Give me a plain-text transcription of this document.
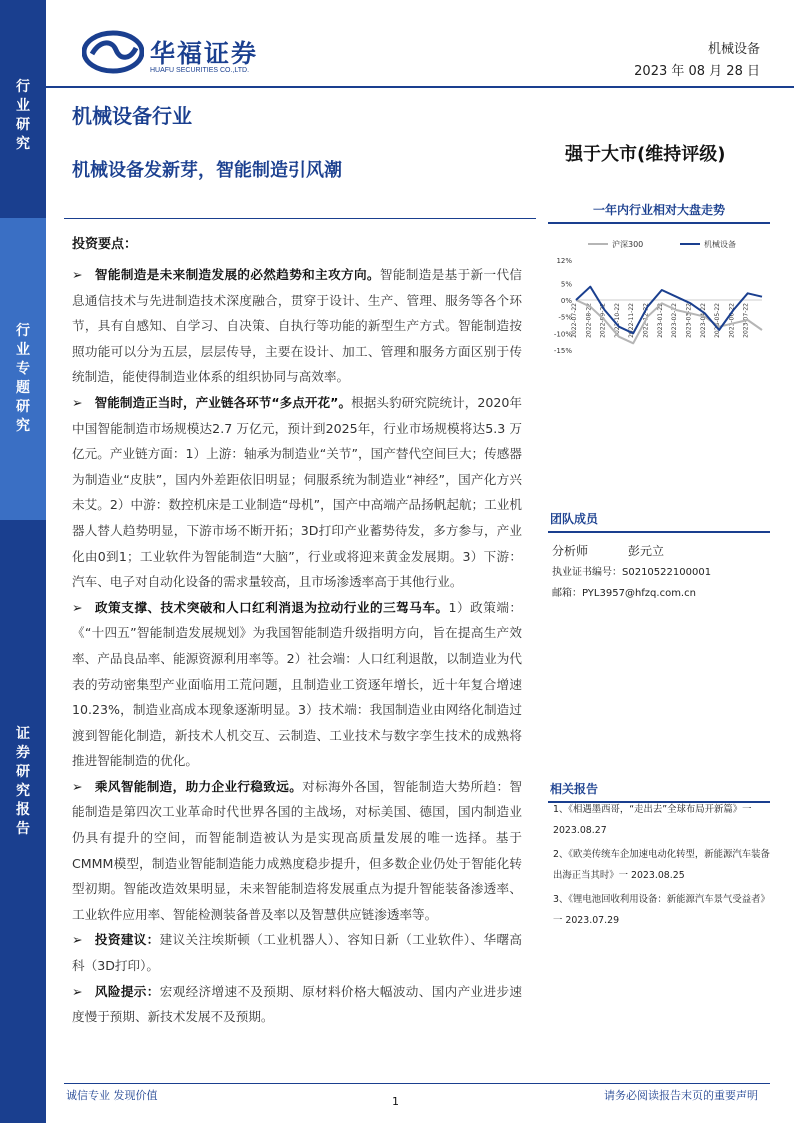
行业研究
行业专题研究
证券研究报告
华福证券
HUAFU SECURITIES CO.,LTD.
机械设备
2023 年 08 月 28 日
机械设备行业
机械设备发新芽，智能制造引风潮
强于大市(维持评级)
投资要点：
➢ 智能制造是未来制造发展的必然趋势和主攻方向。智能制造是基于新一代信息通信技术与先进制造技术深度融合，贯穿于设计、生产、管理、服务等各个环节，具有自感知、自学习、自决策、自执行等功能的新型生产方式。智能制造按照功能可以分为五层，层层传导，主要在设计、加工、管理和服务方面区别于传统制造，能使得制造业体系的组织协同与高效率。
➢ 智能制造正当时，产业链各环节“多点开花”。根据头豹研究院统计，2020年中国智能制造市场规模达2.7 万亿元，预计到2025年，行业市场规模将达5.3 万亿元。产业链方面：1）上游：轴承为制造业“关节”，国产替代空间巨大；传感器为制造业“皮肤”，国内外差距依旧明显；伺服系统为制造业“神经”，国产化方兴未艾。2）中游：数控机床是工业制造“母机”，国产中高端产品扬帆起航；工业机器人替人趋势明显，下游市场不断开拓；3D打印产业蓄势待发，多方参与，产业化由0到1；工业软件为智能制造“大脑”，行业或将迎来黄金发展期。3）下游：汽车、电子对自动化设备的需求量较高，且市场渗透率高于其他行业。
➢ 政策支撑、技术突破和人口红利消退为拉动行业的三驾马车。1）政策端：《“十四五”智能制造发展规划》为我国智能制造升级指明方向，旨在提高生产效率、产品良品率、能源资源利用率等。2）社会端：人口红利退散，以制造业为代表的劳动密集型产业面临用工荒问题，且制造业工资逐年增长，近十年复合增速10.23%，制造业高成本现象逐渐明显。3）技术端：我国制造业由网络化制造过渡到智能化制造，新技术人机交互、云制造、工业技术与数字孪生技术的成熟将推进智能制造的优化。
➢ 乘风智能制造，助力企业行稳致远。对标海外各国，智能制造大势所趋：智能制造是第四次工业革命时代世界各国的主战场，对标美国、德国，国内制造业仍具有提升的空间，而智能制造被认为是实现高质量发展的唯一选择。基于CMMM模型，制造业智能制造能力成熟度稳步提升，但多数企业仍处于智能化转型初期。智能改造效果明显，未来智能制造将发展重点为提升智能装备渗透率、工业软件应用率、智能检测装备普及率以及智慧供应链渗透率等。
➢ 投资建议：建议关注埃斯顿（工业机器人）、容知日新（工业软件）、华曙高科（3D打印）。
➢ 风险提示：宏观经济增速不及预期、原材料价格大幅波动、国内产业进步速度慢于预期、新技术发展不及预期。
一年内行业相对大盘走势
沪深300	机械设备
12%
5%
0%
-5%
-10%
-15%
2022-07-22 2022-08-22 2022-09-22 2022-10-22 2022-11-22 2022-12-22 2023-01-22 2023-02-22 2023-03-22 2023-04-22 2023-05-22 2023-06-22 2023-07-22
团队成员
分析师	彭元立
执业证书编号：S0210522100001
邮箱：PYL3957@hfzq.com.cn
相关报告
1、《相遇墨西哥，“走出去”全球布局开新篇》一 2023.08.27
2、《欧美传统车企加速电动化转型，新能源汽车装备出海正当其时》一 2023.08.25
3、《锂电池回收利用设备：新能源汽车景气受益者》一 2023.07.29
诚信专业 发现价值	请务必阅读报告末页的重要声明
1
